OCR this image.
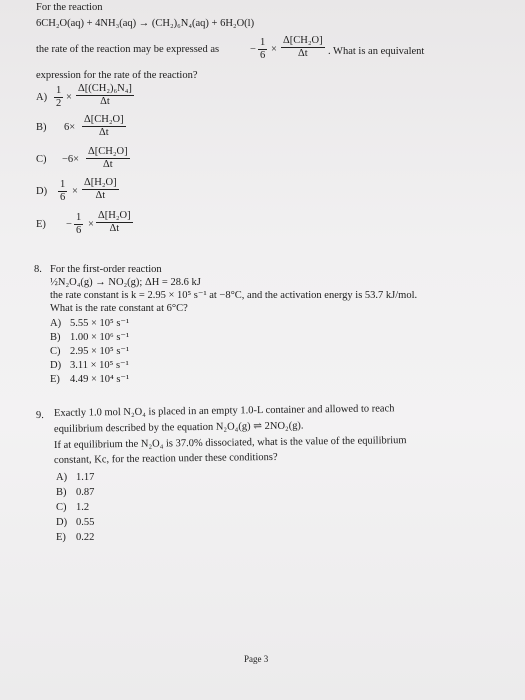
For the reaction
6CH₂O(aq) + 4NH₃(aq) → (CH₂)₆N₄(aq) + 6H₂O(l)
the rate of the reaction may be expressed as	− $\frac{1}{6} \times \frac{\text{Δ[CH₂O]}}{\Delta t}$ . What is an equivalent
expression for the rate of the reaction?
$A) \frac{1}{2} \times \frac{\text{Δ[(CH₂)₆N₄]}}{\Delta t}$
B) $6\times \frac{\text{Δ[CH₂O]}}{\Delta t}$
$C) -6\times \frac{\text{Δ[CH₂O]}}{\Delta t}$
$D) \frac{1}{6} \times \frac{\text{Δ[H₂O]}}{\Delta t}$
$E) - \frac{1}{6} \times \frac{\text{Δ[H₂O]}}{\Delta t}$
8. For the first-order reaction
½N₂O₄(g) → NO₂(g); ΔH = 28.6 kJ
the rate constant is k = 2.95 × 10⁵ s⁻¹ at −8°C, and the activation energy is 53.7 kJ/mol.
What is the rate constant at 6°C?
A) 5.55 × 10⁵ s⁻¹
B) 1.00 × 10⁶ s⁻¹
C) 2.95 × 10⁵ s⁻¹
D) 3.11 × 10⁵ s⁻¹
E) 4.49 × 10⁴ s⁻¹
9. Exactly 1.0 mol N₂O₄ is placed in an empty 1.0-L container and allowed to reach
equilibrium described by the equation N₂O₄(g) ⇌ 2NO₂(g).
If at equilibrium the N₂O₄ is 37.0% dissociated, what is the value of the equilibrium
constant, Kc, for the reaction under these conditions?
A) 1.17
B) 0.87
C) 1.2
D) 0.55
E) 0.22
Page 3
